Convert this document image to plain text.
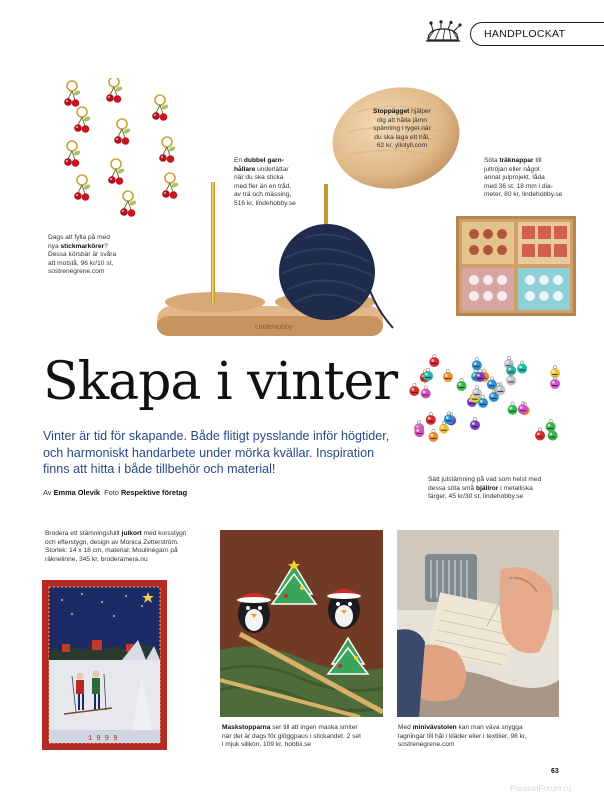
HANDPLOCKAT
Dags att fylla på med
nya stickmarkörer?
Dessa körsbär är svåra
att motstå, 96 kr/10 st,
sostrenegrene.com
LindeHobby
En dubbel garn-
hållare underlättar
när du ska sticka
med fler än en tråd,
av trä och mässing,
516 kr, lindehobby.se
Stoppägget hjälper
dig att hålla jämn
spänning i tyget när
du ska laga ett hål,
62 kr, yllotyll.com
Söta träknappar till
jultröjan eller något
annat julprojekt, låda
med 36 st, 18 mm i dia-
meter, 80 kr, lindehobby.se
Skapa i vinter
Sätt julstämning på vad som helst med
dessa söta små bjällror i metalliska
färger, 45 kr/30 st, lindehobby.se
Vinter är tid för skapande. Både flitigt pysslande inför högtider, och harmoniskt handarbete under mörka kvällar. Inspiration finns att hitta i både tillbehör och material!
Av Emma Olevik Foto Respektive företag
Brodera ett stämningsfullt julkort med korsstygn
och efterstygn, design av Monica Zetterström.
Storlek: 14 x 18 cm, material: Moulinégarn på
räknelinne, 345 kr, broderamera.nu
1 9 9 9
Maskstopparna ser till att ingen maska smiter
när det är dags för glöggpaus i stickandet. 2 set
i mjuk silikon, 109 kr, hobbii.se
Med minivävstolen kan man väva snygga
lagningar till hål i kläder eller i textilier, 98 kr,
sostrenegrene.com
63
PassionForum.ru
